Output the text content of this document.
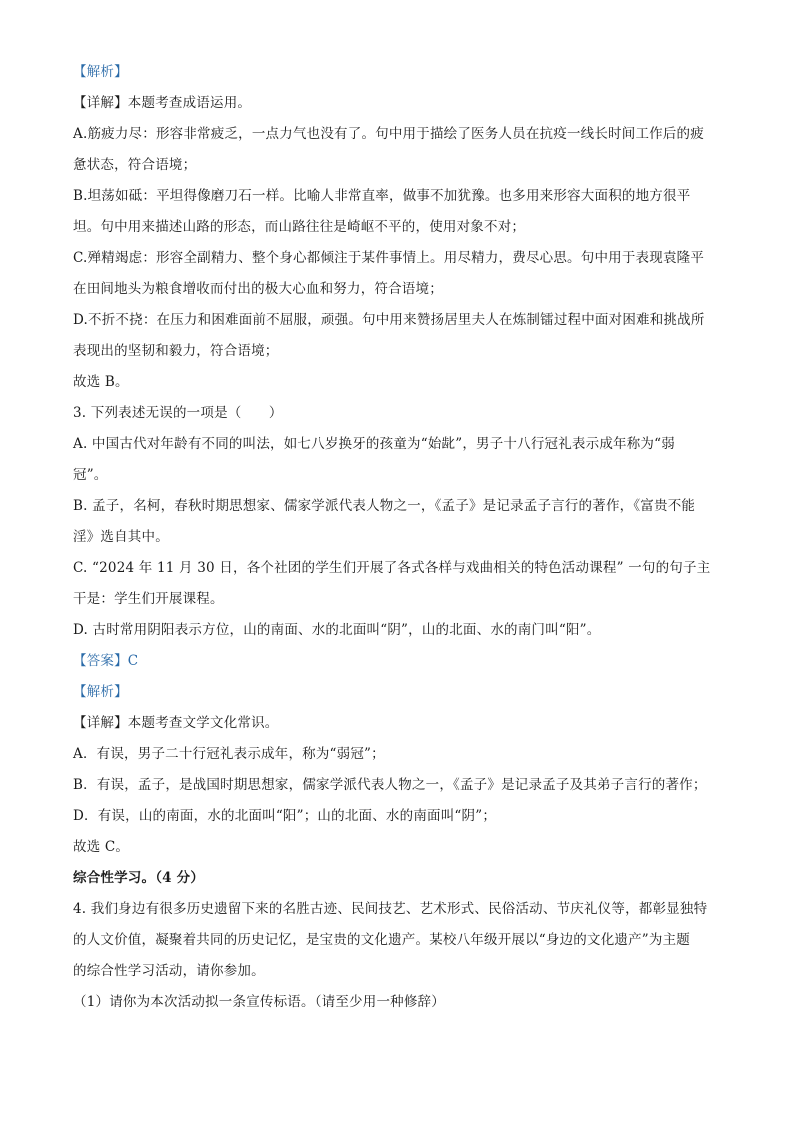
【解析】
【详解】本题考查成语运用。
A.筋疲力尽：形容非常疲乏，一点力气也没有了。句中用于描绘了医务人员在抗疫一线长时间工作后的疲
惫状态，符合语境；
B.坦荡如砥：平坦得像磨刀石一样。比喻人非常直率，做事不加犹豫。也多用来形容大面积的地方很平
坦。句中用来描述山路的形态，而山路往往是崎岖不平的，使用对象不对；
C.殚精竭虑：形容全副精力、整个身心都倾注于某件事情上。用尽精力，费尽心思。句中用于表现袁隆平
在田间地头为粮食增收而付出的极大心血和努力，符合语境；
D.不折不挠：在压力和困难面前不屈服，顽强。句中用来赞扬居里夫人在炼制镭过程中面对困难和挑战所
表现出的坚韧和毅力，符合语境；
故选 B。
3. 下列表述无误的一项是（　　）
A. 中国古代对年龄有不同的叫法，如七八岁换牙的孩童为“始龀”，男子十八行冠礼表示成年称为“弱
冠”。
B. 孟子，名柯，春秋时期思想家、儒家学派代表人物之一，《孟子》是记录孟子言行的著作，《富贵不能
淫》选自其中。
C. “2024 年 11 月 30 日，各个社团的学生们开展了各式各样与戏曲相关的特色活动课程” 一句的句子主
干是：学生们开展课程。
D. 古时常用阴阳表示方位，山的南面、水的北面叫“阴”，山的北面、水的南门叫“阳”。
【答案】C
【解析】
【详解】本题考查文学文化常识。
A．有误，男子二十行冠礼表示成年，称为“弱冠”；
B．有误，孟子，是战国时期思想家，儒家学派代表人物之一，《孟子》是记录孟子及其弟子言行的著作；
D．有误，山的南面，水的北面叫“阳”；山的北面、水的南面叫“阴”；
故选 C。
综合性学习。（4 分）
4. 我们身边有很多历史遗留下来的名胜古迹、民间技艺、艺术形式、民俗活动、节庆礼仪等，都彰显独特
的人文价值，凝聚着共同的历史记忆，是宝贵的文化遗产。某校八年级开展以“身边的文化遗产”为主题
的综合性学习活动，请你参加。
（1）请你为本次活动拟一条宣传标语。（请至少用一种修辞）
